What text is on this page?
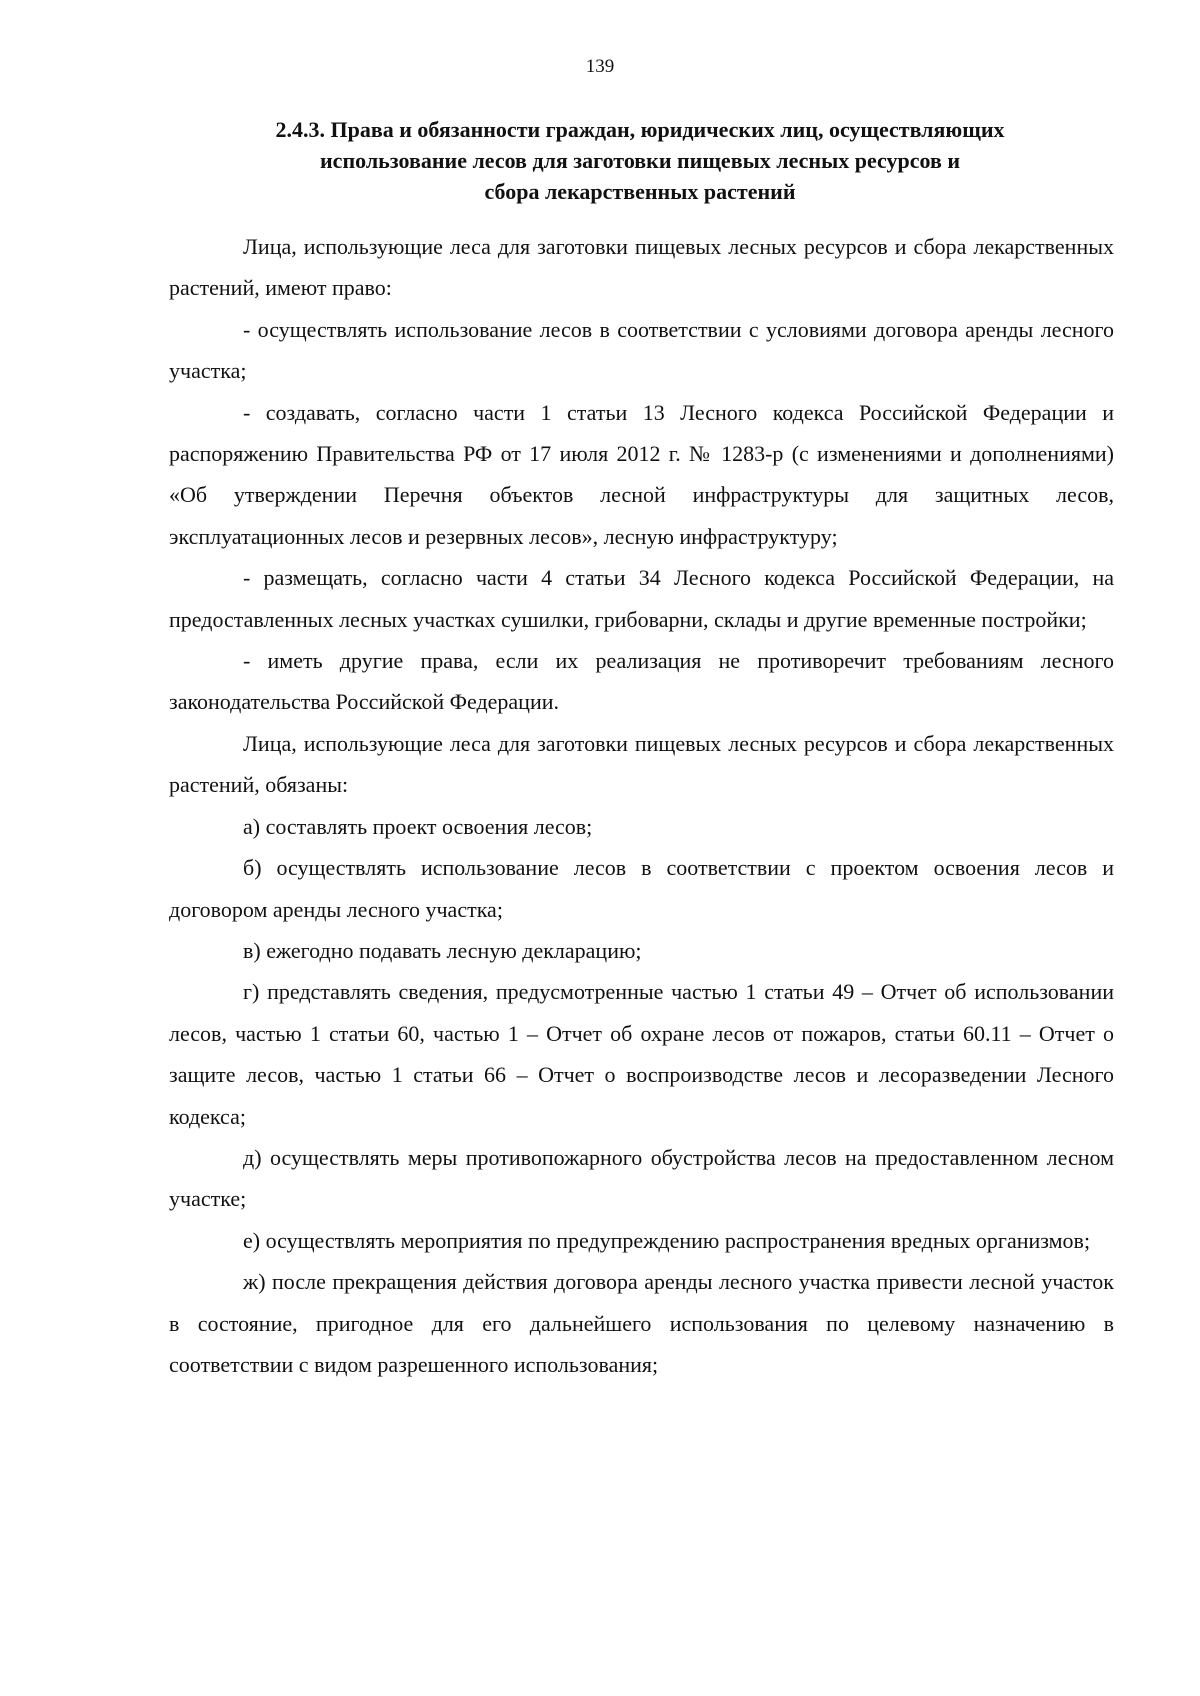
139
2.4.3. Права и обязанности граждан, юридических лиц, осуществляющих
использование лесов для заготовки пищевых лесных ресурсов и
сбора лекарственных растений

Лица, использующие леса для заготовки пищевых лесных ресурсов и сбора лекарственных растений, имеют право:

- осуществлять использование лесов в соответствии с условиями договора аренды лесного участка;

- создавать, согласно части 1 статьи 13 Лесного кодекса Российской Федерации и распоряжению Правительства РФ от 17 июля 2012 г. № 1283-р (с изменениями и дополнениями) «Об утверждении Перечня объектов лесной инфраструктуры для защитных лесов, эксплуатационных лесов и резервных лесов», лесную инфраструктуру;

- размещать, согласно части 4 статьи 34 Лесного кодекса Российской Федерации, на предоставленных лесных участках сушилки, грибоварни, склады и другие временные постройки;

- иметь другие права, если их реализация не противоречит требованиям лесного законодательства Российской Федерации.

Лица, использующие леса для заготовки пищевых лесных ресурсов и сбора лекарственных растений, обязаны:

а) составлять проект освоения лесов;

б) осуществлять использование лесов в соответствии с проектом освоения лесов и договором аренды лесного участка;

в) ежегодно подавать лесную декларацию;

г) представлять сведения, предусмотренные частью 1 статьи 49 – Отчет об использовании лесов, частью 1 статьи 60, частью 1 – Отчет об охране лесов от пожаров, статьи 60.11 – Отчет о защите лесов, частью 1 статьи 66 – Отчет о воспроизводстве лесов и лесоразведении Лесного кодекса;

д) осуществлять меры противопожарного обустройства лесов на предоставленном лесном участке;

е) осуществлять мероприятия по предупреждению распространения вредных организмов;

ж) после прекращения действия договора аренды лесного участка привести лесной участок в состояние, пригодное для его дальнейшего использования по целевому назначению в соответствии с видом разрешенного использования;
